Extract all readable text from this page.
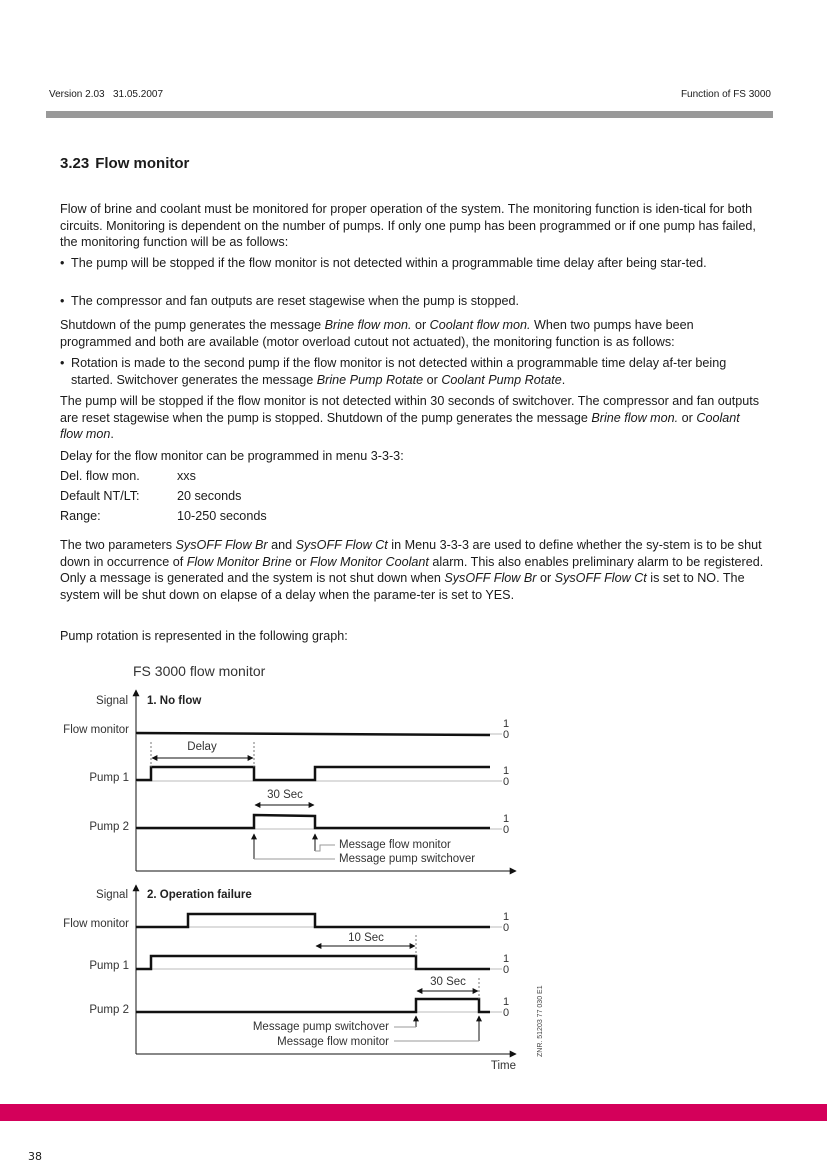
Version 2.03 31.05.2007	Function of FS 3000
3.23 Flow monitor

Flow of brine and coolant must be monitored for proper operation of the system. The monitoring function is iden-tical for both circuits. Monitoring is dependent on the number of pumps. If only one pump has been programmed or if one pump has failed, the monitoring function will be as follows:

• The pump will be stopped if the flow monitor is not detected within a programmable time delay after being star-ted.
• The compressor and fan outputs are reset stagewise when the pump is stopped.

Shutdown of the pump generates the message Brine flow mon. or Coolant flow mon. When two pumps have been programmed and both are available (motor overload cutout not actuated), the monitoring function is as follows:

• Rotation is made to the second pump if the flow monitor is not detected within a programmable time delay af-ter being started. Switchover generates the message Brine Pump Rotate or Coolant Pump Rotate.

The pump will be stopped if the flow monitor is not detected within 30 seconds of switchover. The compressor and fan outputs are reset stagewise when the pump is stopped. Shutdown of the pump generates the message Brine flow mon. or Coolant flow mon.

Delay for the flow monitor can be programmed in menu 3-3-3:

Del. flow mon.	xxs
Default NT/LT:	20 seconds
Range:	10-250 seconds

The two parameters SysOFF Flow Br and SysOFF Flow Ct in Menu 3-3-3 are used to define whether the sy-stem is to be shut down in occurrence of Flow Monitor Brine or Flow Monitor Coolant alarm. This also enables preliminary alarm to be registered. Only a message is generated and the system is not shut down when SysOFF Flow Br or SysOFF Flow Ct is set to NO. The system will be shut down on elapse of a delay when the parame-ter is set to YES.

Pump rotation is represented in the following graph:

FS 3000 flow monitor
Signal 1. No flow
Flow monitor
Pump 1
Pump 2
1
0
1
0
1
0
Delay
30 Sec
Message flow monitor
Message pump switchover
Signal 2. Operation failure
Flow monitor
Pump 1
Pump 2
1
0
1
0
1
0
10 Sec
30 Sec
Message pump switchover
Message flow monitor
Time
ZNR. 51203 77 030 E1
38
